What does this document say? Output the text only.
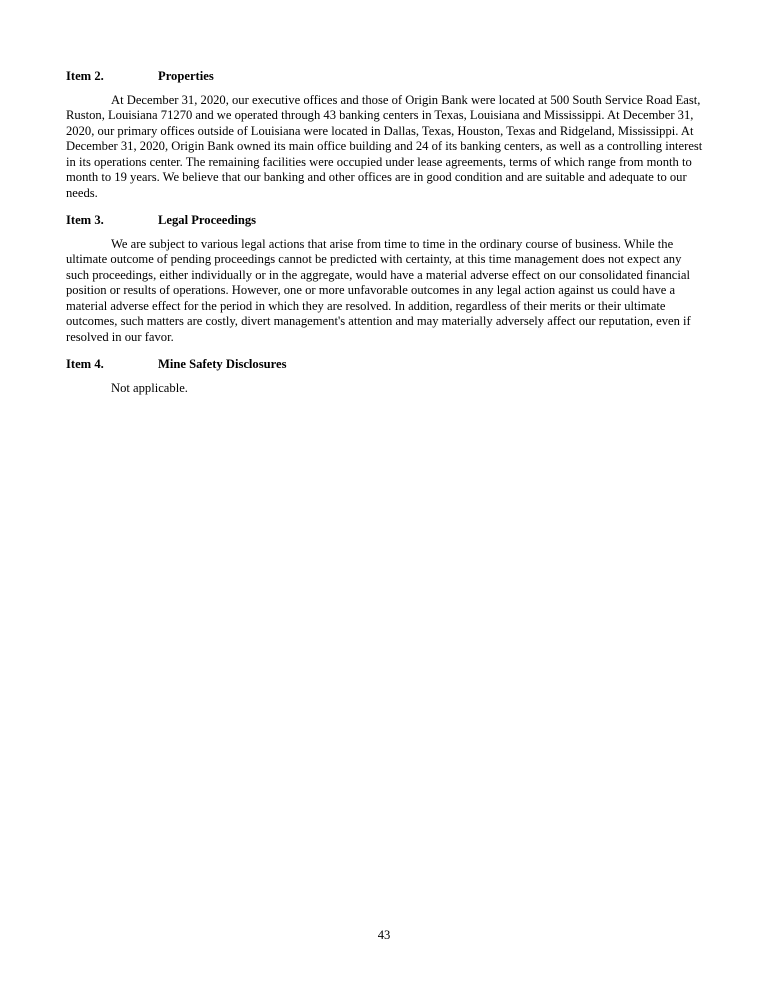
Item 2.	Properties

At December 31, 2020, our executive offices and those of Origin Bank were located at 500 South Service Road East, Ruston, Louisiana 71270 and we operated through 43 banking centers in Texas, Louisiana and Mississippi. At December 31, 2020, our primary offices outside of Louisiana were located in Dallas, Texas, Houston, Texas and Ridgeland, Mississippi. At December 31, 2020, Origin Bank owned its main office building and 24 of its banking centers, as well as a controlling interest in its operations center. The remaining facilities were occupied under lease agreements, terms of which range from month to month to 19 years. We believe that our banking and other offices are in good condition and are suitable and adequate to our needs.

Item 3.	Legal Proceedings

We are subject to various legal actions that arise from time to time in the ordinary course of business. While the ultimate outcome of pending proceedings cannot be predicted with certainty, at this time management does not expect any such proceedings, either individually or in the aggregate, would have a material adverse effect on our consolidated financial position or results of operations. However, one or more unfavorable outcomes in any legal action against us could have a material adverse effect for the period in which they are resolved. In addition, regardless of their merits or their ultimate outcomes, such matters are costly, divert management's attention and may materially adversely affect our reputation, even if resolved in our favor.

Item 4.	Mine Safety Disclosures

Not applicable.

43
